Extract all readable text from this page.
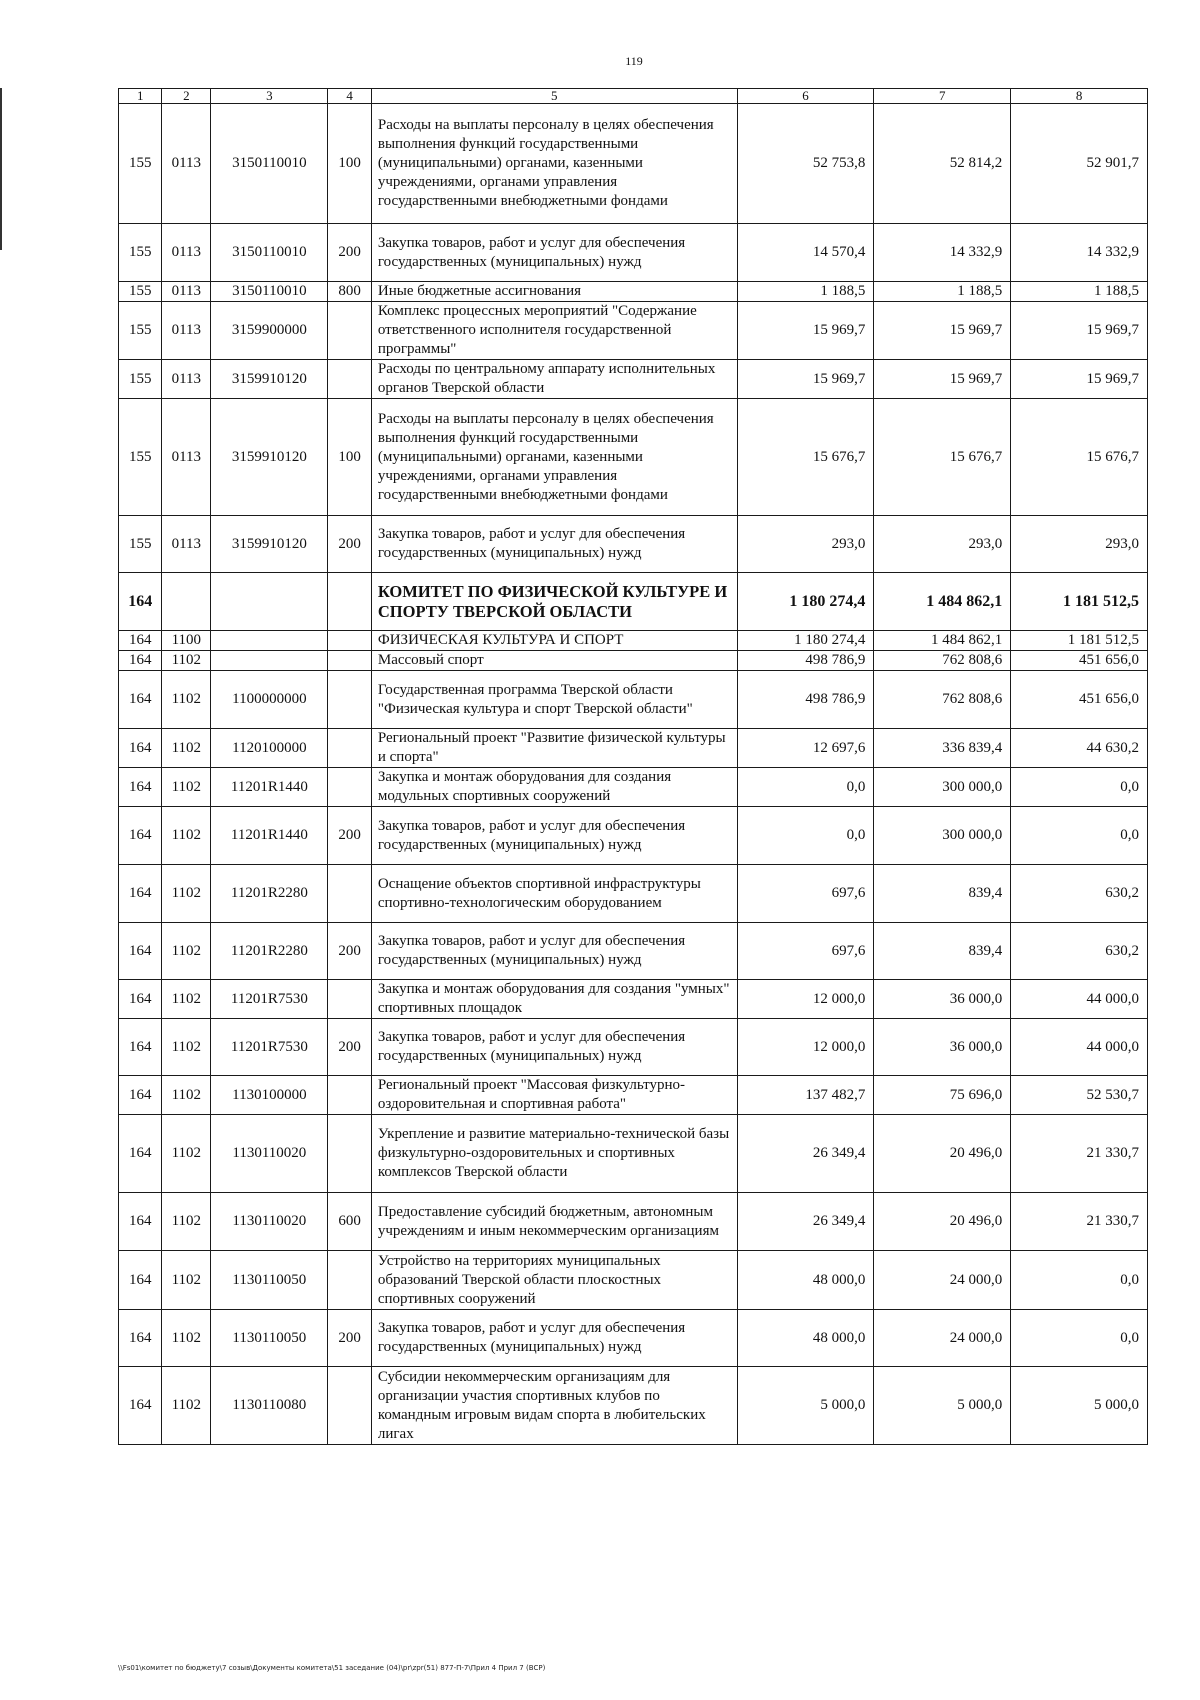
119
1	2	3	4	5	6	7	8
155	0113	3150110010	100	Расходы на выплаты персоналу в целях обеспечения выполнения функций государственными (муниципальными) органами, казенными учреждениями, органами управления государственными внебюджетными фондами	52 753,8	52 814,2	52 901,7
155	0113	3150110010	200	Закупка товаров, работ и услуг для обеспечения государственных (муниципальных) нужд	14 570,4	14 332,9	14 332,9
155	0113	3150110010	800	Иные бюджетные ассигнования	1 188,5	1 188,5	1 188,5
155	0113	3159900000		Комплекс процессных мероприятий "Содержание ответственного исполнителя государственной программы"	15 969,7	15 969,7	15 969,7
155	0113	3159910120		Расходы по центральному аппарату исполнительных органов Тверской области	15 969,7	15 969,7	15 969,7
155	0113	3159910120	100	Расходы на выплаты персоналу в целях обеспечения выполнения функций государственными (муниципальными) органами, казенными учреждениями, органами управления государственными внебюджетными фондами	15 676,7	15 676,7	15 676,7
155	0113	3159910120	200	Закупка товаров, работ и услуг для обеспечения государственных (муниципальных) нужд	293,0	293,0	293,0
164				КОМИТЕТ ПО ФИЗИЧЕСКОЙ КУЛЬТУРЕ И СПОРТУ ТВЕРСКОЙ ОБЛАСТИ	1 180 274,4	1 484 862,1	1 181 512,5
164	1100			ФИЗИЧЕСКАЯ КУЛЬТУРА И СПОРТ	1 180 274,4	1 484 862,1	1 181 512,5
164	1102			Массовый спорт	498 786,9	762 808,6	451 656,0
164	1102	1100000000		Государственная программа Тверской области "Физическая культура и спорт Тверской области"	498 786,9	762 808,6	451 656,0
164	1102	1120100000		Региональный проект "Развитие физической культуры и спорта"	12 697,6	336 839,4	44 630,2
164	1102	11201R1440		Закупка и монтаж оборудования для создания модульных спортивных сооружений	0,0	300 000,0	0,0
164	1102	11201R1440	200	Закупка товаров, работ и услуг для обеспечения государственных (муниципальных) нужд	0,0	300 000,0	0,0
164	1102	11201R2280		Оснащение объектов спортивной инфраструктуры спортивно-технологическим оборудованием	697,6	839,4	630,2
164	1102	11201R2280	200	Закупка товаров, работ и услуг для обеспечения государственных (муниципальных) нужд	697,6	839,4	630,2
164	1102	11201R7530		Закупка и монтаж оборудования для создания "умных" спортивных площадок	12 000,0	36 000,0	44 000,0
164	1102	11201R7530	200	Закупка товаров, работ и услуг для обеспечения государственных (муниципальных) нужд	12 000,0	36 000,0	44 000,0
164	1102	1130100000		Региональный проект "Массовая физкультурно-оздоровительная и спортивная работа"	137 482,7	75 696,0	52 530,7
164	1102	1130110020		Укрепление и развитие материально-технической базы физкультурно-оздоровительных и спортивных комплексов Тверской области	26 349,4	20 496,0	21 330,7
164	1102	1130110020	600	Предоставление субсидий бюджетным, автономным учреждениям и иным некоммерческим организациям	26 349,4	20 496,0	21 330,7
164	1102	1130110050		Устройство на территориях муниципальных образований Тверской области плоскостных спортивных сооружений	48 000,0	24 000,0	0,0
164	1102	1130110050	200	Закупка товаров, работ и услуг для обеспечения государственных (муниципальных) нужд	48 000,0	24 000,0	0,0
164	1102	1130110080		Субсидии некоммерческим организациям для организации участия спортивных клубов по командным игровым видам спорта в любительских лигах	5 000,0	5 000,0	5 000,0
\\Fs01\комитет по бюджету\7 созыв\Документы комитета\51 заседание (04)\pr\zpr(51) 877-П-7\Прил 4 Прил 7 (ВСР)
